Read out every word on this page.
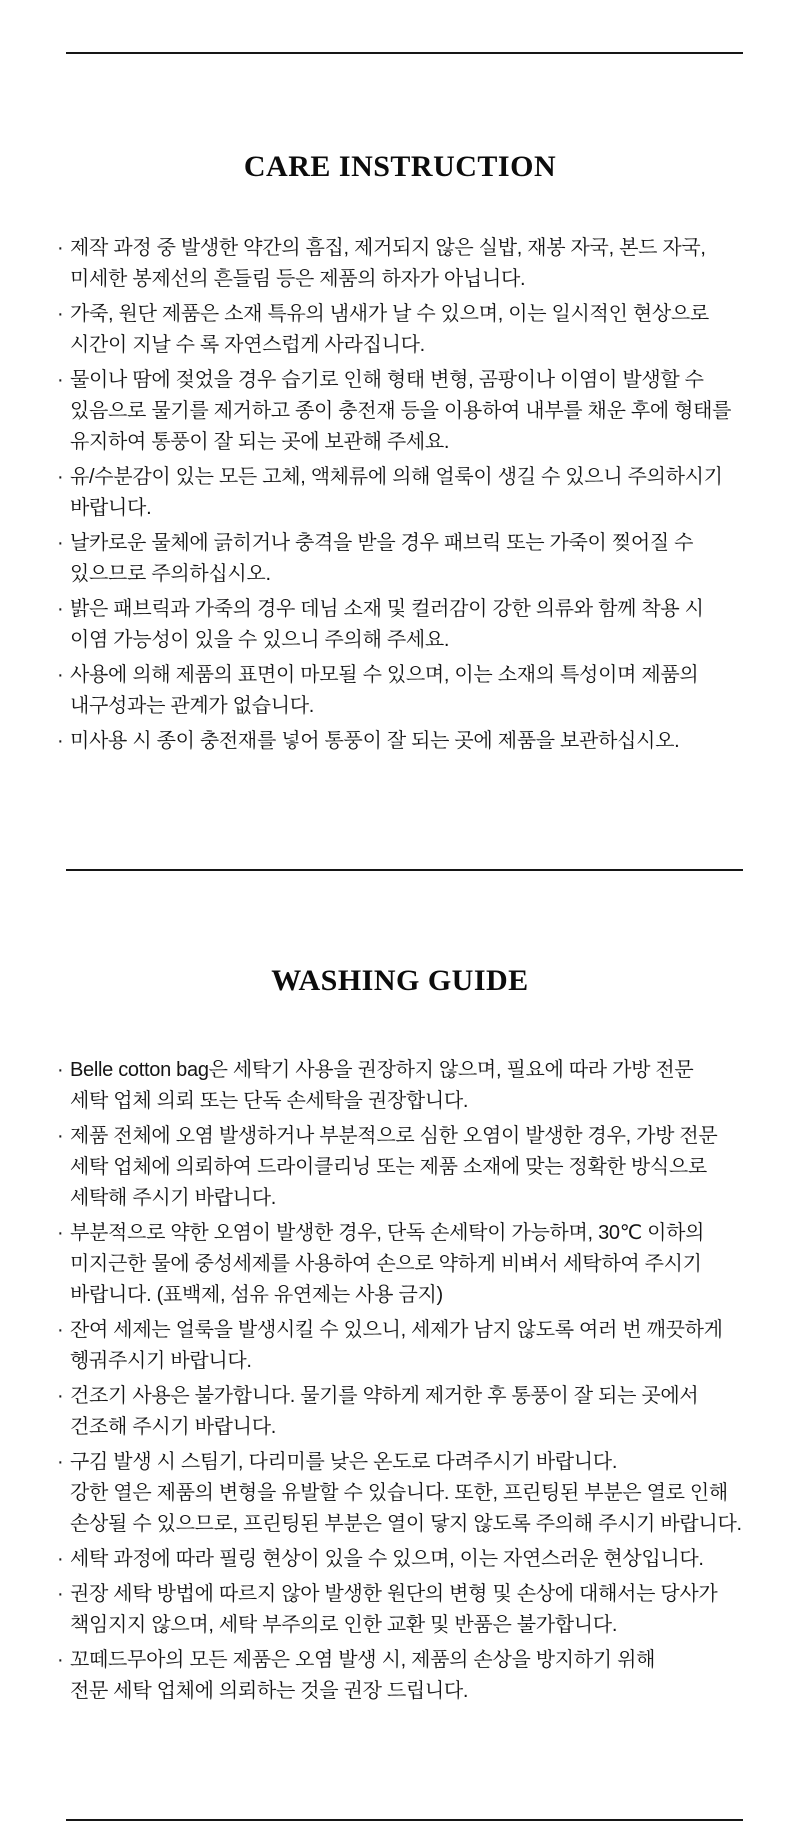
CARE INSTRUCTION
· 제작 과정 중 발생한 약간의 흠집, 제거되지 않은 실밥, 재봉 자국, 본드 자국,
미세한 봉제선의 흔들림 등은 제품의 하자가 아닙니다.
· 가죽, 원단 제품은 소재 특유의 냄새가 날 수 있으며, 이는 일시적인 현상으로
시간이 지날 수 록 자연스럽게 사라집니다.
· 물이나 땀에 젖었을 경우 습기로 인해 형태 변형, 곰팡이나 이염이 발생할 수
있음으로 물기를 제거하고 종이 충전재 등을 이용하여 내부를 채운 후에 형태를
유지하여 통풍이 잘 되는 곳에 보관해 주세요.
· 유/수분감이 있는 모든 고체, 액체류에 의해 얼룩이 생길 수 있으니 주의하시기
바랍니다.
· 날카로운 물체에 긁히거나 충격을 받을 경우 패브릭 또는 가죽이 찢어질 수
있으므로 주의하십시오.
· 밝은 패브릭과 가죽의 경우 데님 소재 및 컬러감이 강한 의류와 함께 착용 시
이염 가능성이 있을 수 있으니 주의해 주세요.
· 사용에 의해 제품의 표면이 마모될 수 있으며, 이는 소재의 특성이며 제품의
내구성과는 관계가 없습니다.
· 미사용 시 종이 충전재를 넣어 통풍이 잘 되는 곳에 제품을 보관하십시오.
WASHING GUIDE
· Belle cotton bag은 세탁기 사용을 권장하지 않으며, 필요에 따라 가방 전문
세탁 업체 의뢰 또는 단독 손세탁을 권장합니다.
· 제품 전체에 오염 발생하거나 부분적으로 심한 오염이 발생한 경우, 가방 전문
세탁 업체에 의뢰하여 드라이클리닝 또는 제품 소재에 맞는 정확한 방식으로
세탁해 주시기 바랍니다.
· 부분적으로 약한 오염이 발생한 경우, 단독 손세탁이 가능하며, 30℃ 이하의
미지근한 물에 중성세제를 사용하여 손으로 약하게 비벼서 세탁하여 주시기
바랍니다. (표백제, 섬유 유연제는 사용 금지)
· 잔여 세제는 얼룩을 발생시킬 수 있으니, 세제가 남지 않도록 여러 번 깨끗하게
헹궈주시기 바랍니다.
· 건조기 사용은 불가합니다. 물기를 약하게 제거한 후 통풍이 잘 되는 곳에서
건조해 주시기 바랍니다.
· 구김 발생 시 스팀기, 다리미를 낮은 온도로 다려주시기 바랍니다.
강한 열은 제품의 변형을 유발할 수 있습니다. 또한, 프린팅된 부분은 열로 인해
손상될 수 있으므로, 프린팅된 부분은 열이 닿지 않도록 주의해 주시기 바랍니다.
· 세탁 과정에 따라 필링 현상이 있을 수 있으며, 이는 자연스러운 현상입니다.
· 권장 세탁 방법에 따르지 않아 발생한 원단의 변형 및 손상에 대해서는 당사가
책임지지 않으며, 세탁 부주의로 인한 교환 및 반품은 불가합니다.
· 꼬떼드무아의 모든 제품은 오염 발생 시, 제품의 손상을 방지하기 위해
전문 세탁 업체에 의뢰하는 것을 권장 드립니다.
